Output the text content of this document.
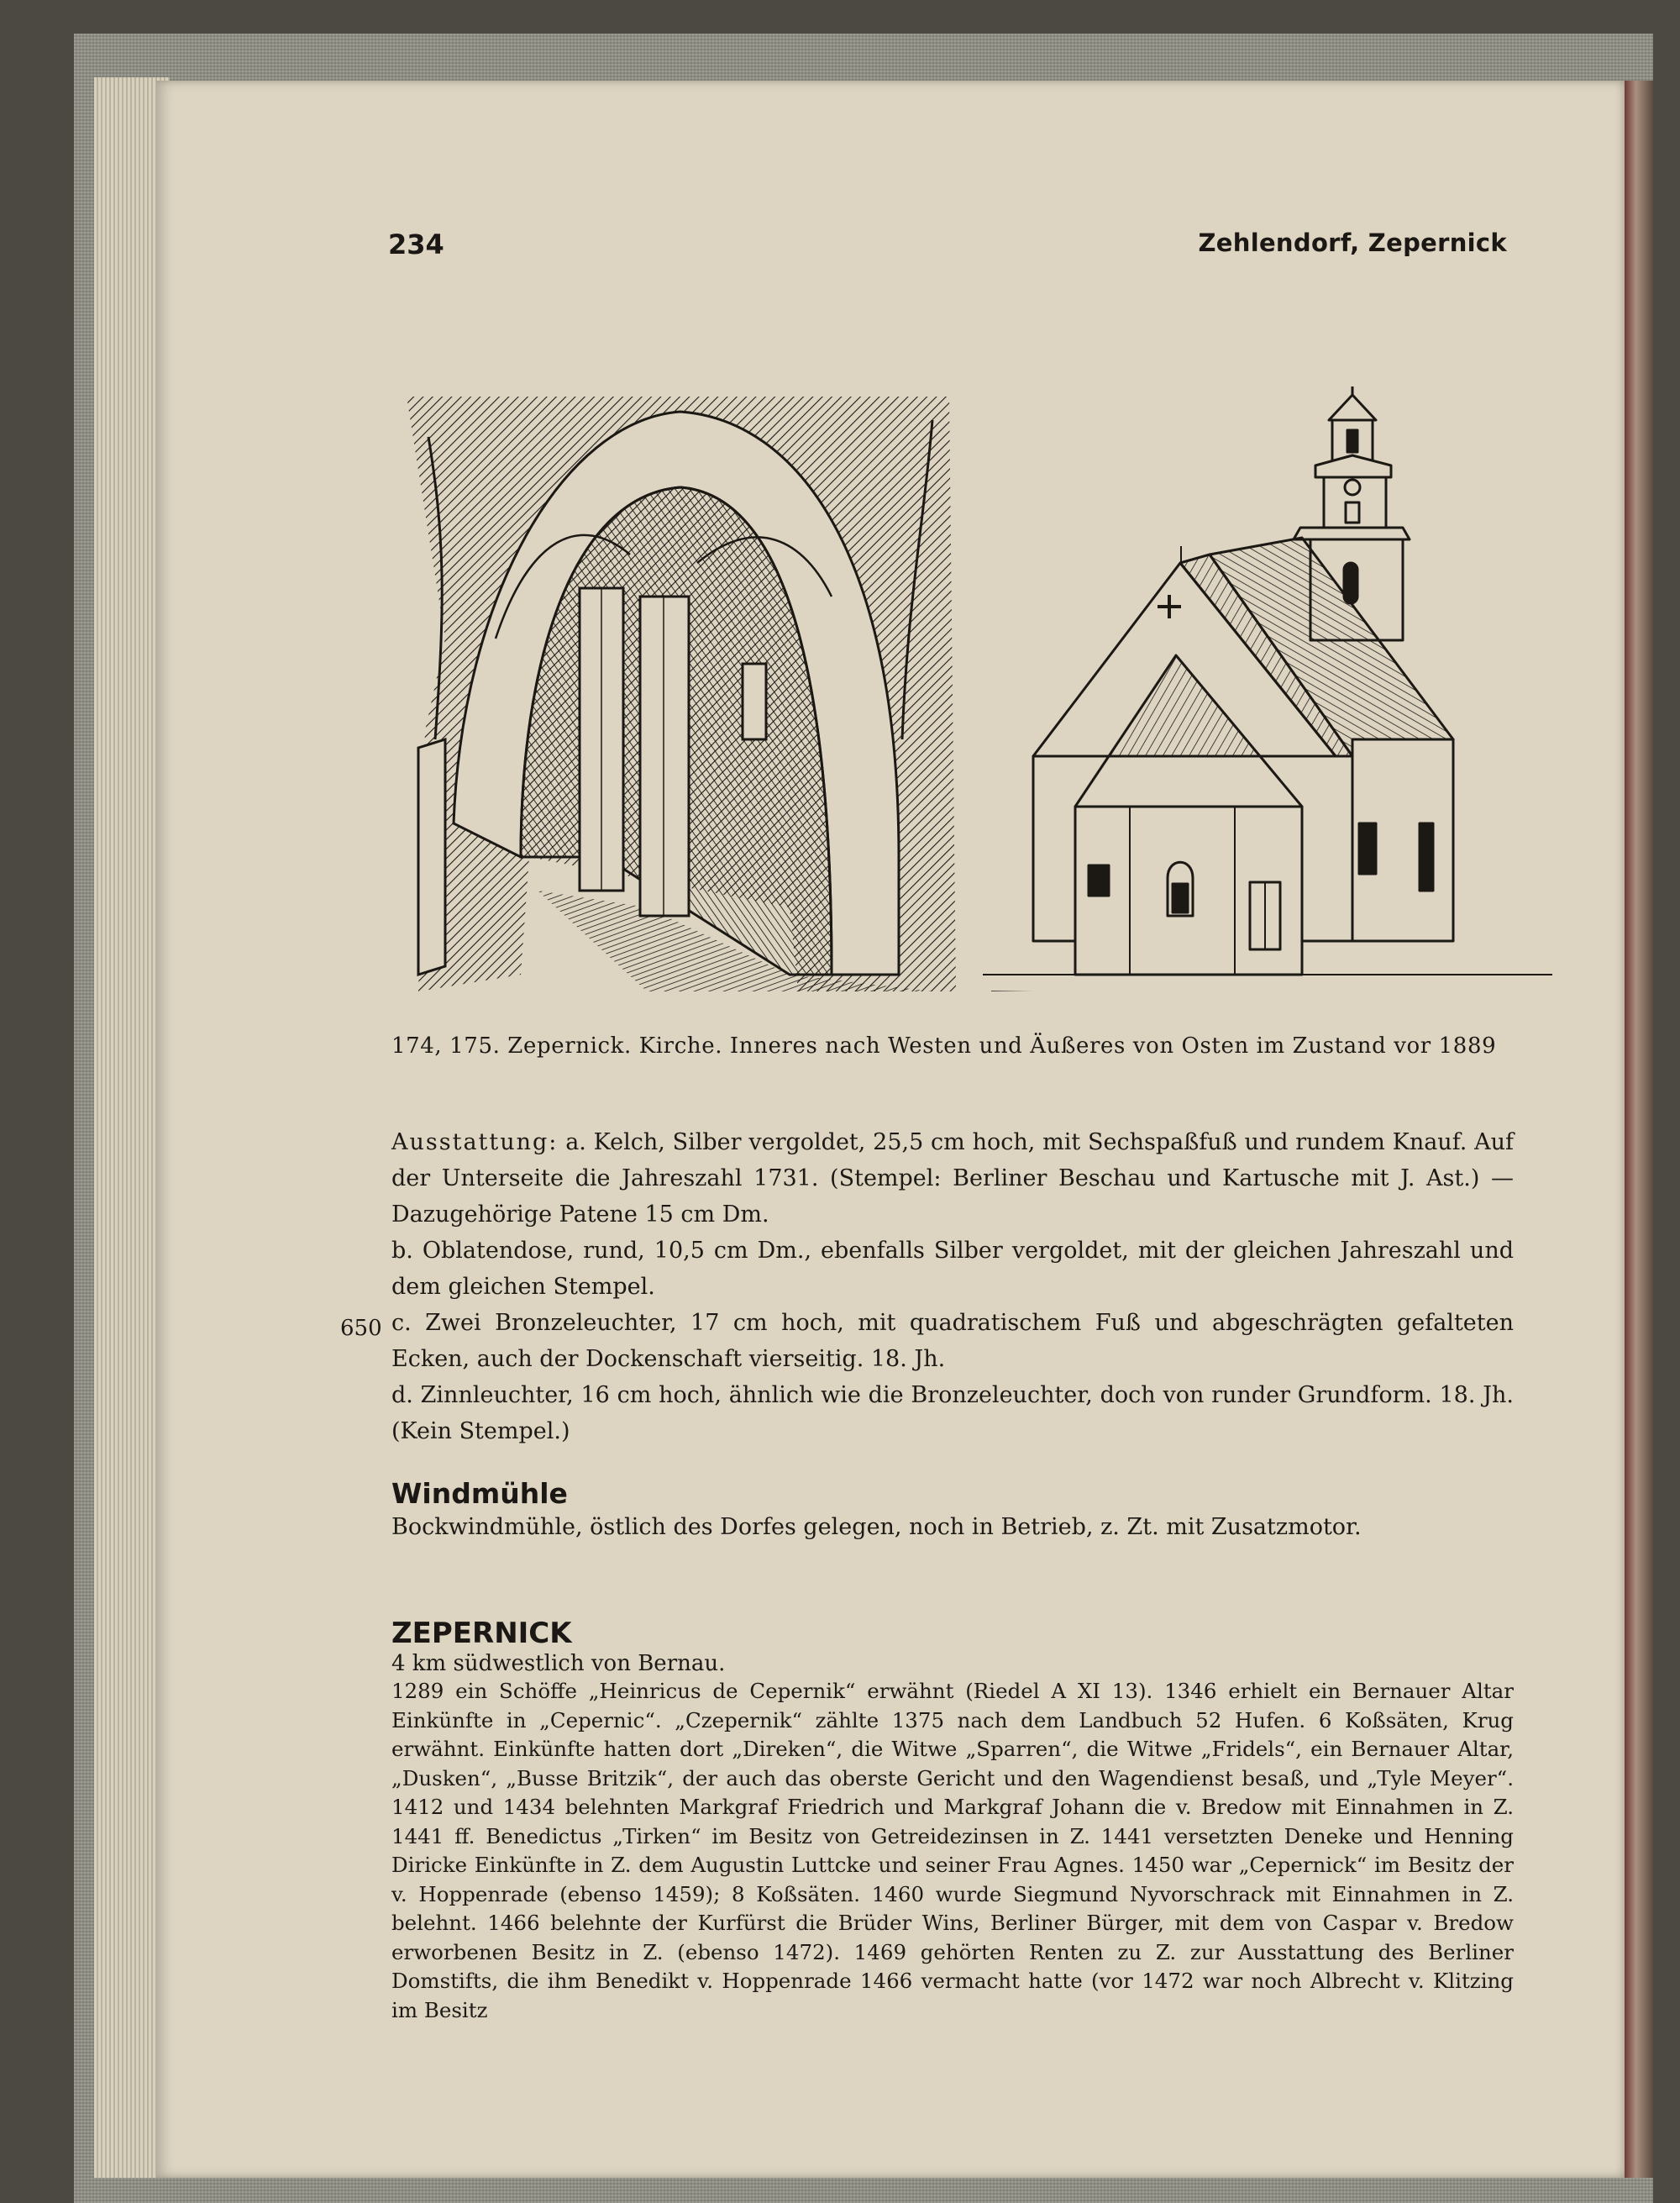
234	Zehlendorf, Zepernick
174, 175. Zepernick. Kirche. Inneres nach Westen und Äußeres von Osten im Zustand vor 1889

Ausstattung: a. Kelch, Silber vergoldet, 25,5 cm hoch, mit Sechspaßfuß und rundem Knauf. Auf der Unterseite die Jahreszahl 1731. (Stempel: Berliner Beschau und Kartusche mit J. Ast.) — Dazugehörige Patene 15 cm Dm.

b. Oblatendose, rund, 10,5 cm Dm., ebenfalls Silber vergoldet, mit der gleichen Jahreszahl und dem gleichen Stempel.

c. Zwei Bronzeleuchter, 17 cm hoch, mit quadratischem Fuß und abgeschrägten gefalteten Ecken, auch der Dockenschaft vierseitig. 18. Jh.

d. Zinnleuchter, 16 cm hoch, ähnlich wie die Bronzeleuchter, doch von runder Grundform. 18. Jh. (Kein Stempel.)

650
Windmühle
Bockwindmühle, östlich des Dorfes gelegen, noch in Betrieb, z. Zt. mit Zusatzmotor.
ZEPERNICK
4 km südwestlich von Bernau.
1289 ein Schöffe „Heinricus de Cepernik“ erwähnt (Riedel A XI 13). 1346 erhielt ein Bernauer Altar Einkünfte in „Cepernic“. „Czepernik“ zählte 1375 nach dem Landbuch 52 Hufen. 6 Koßsäten, Krug erwähnt. Einkünfte hatten dort „Direken“, die Witwe „Sparren“, die Witwe „Fridels“, ein Bernauer Altar, „Dusken“, „Busse Britzik“, der auch das oberste Gericht und den Wagendienst besaß, und „Tyle Meyer“. 1412 und 1434 belehnten Markgraf Friedrich und Markgraf Johann die v. Bredow mit Einnahmen in Z. 1441 ff. Benedictus „Tirken“ im Besitz von Getreidezinsen in Z. 1441 versetzten Deneke und Henning Diricke Einkünfte in Z. dem Augustin Luttcke und seiner Frau Agnes. 1450 war „Cepernick“ im Besitz der v. Hoppenrade (ebenso 1459); 8 Koßsäten. 1460 wurde Siegmund Nyvorschrack mit Einnahmen in Z. belehnt. 1466 belehnte der Kurfürst die Brüder Wins, Berliner Bürger, mit dem von Caspar v. Bredow erworbenen Besitz in Z. (ebenso 1472). 1469 gehörten Renten zu Z. zur Ausstattung des Berliner Domstifts, die ihm Benedikt v. Hoppenrade 1466 vermacht hatte (vor 1472 war noch Albrecht v. Klitzing im Besitz
